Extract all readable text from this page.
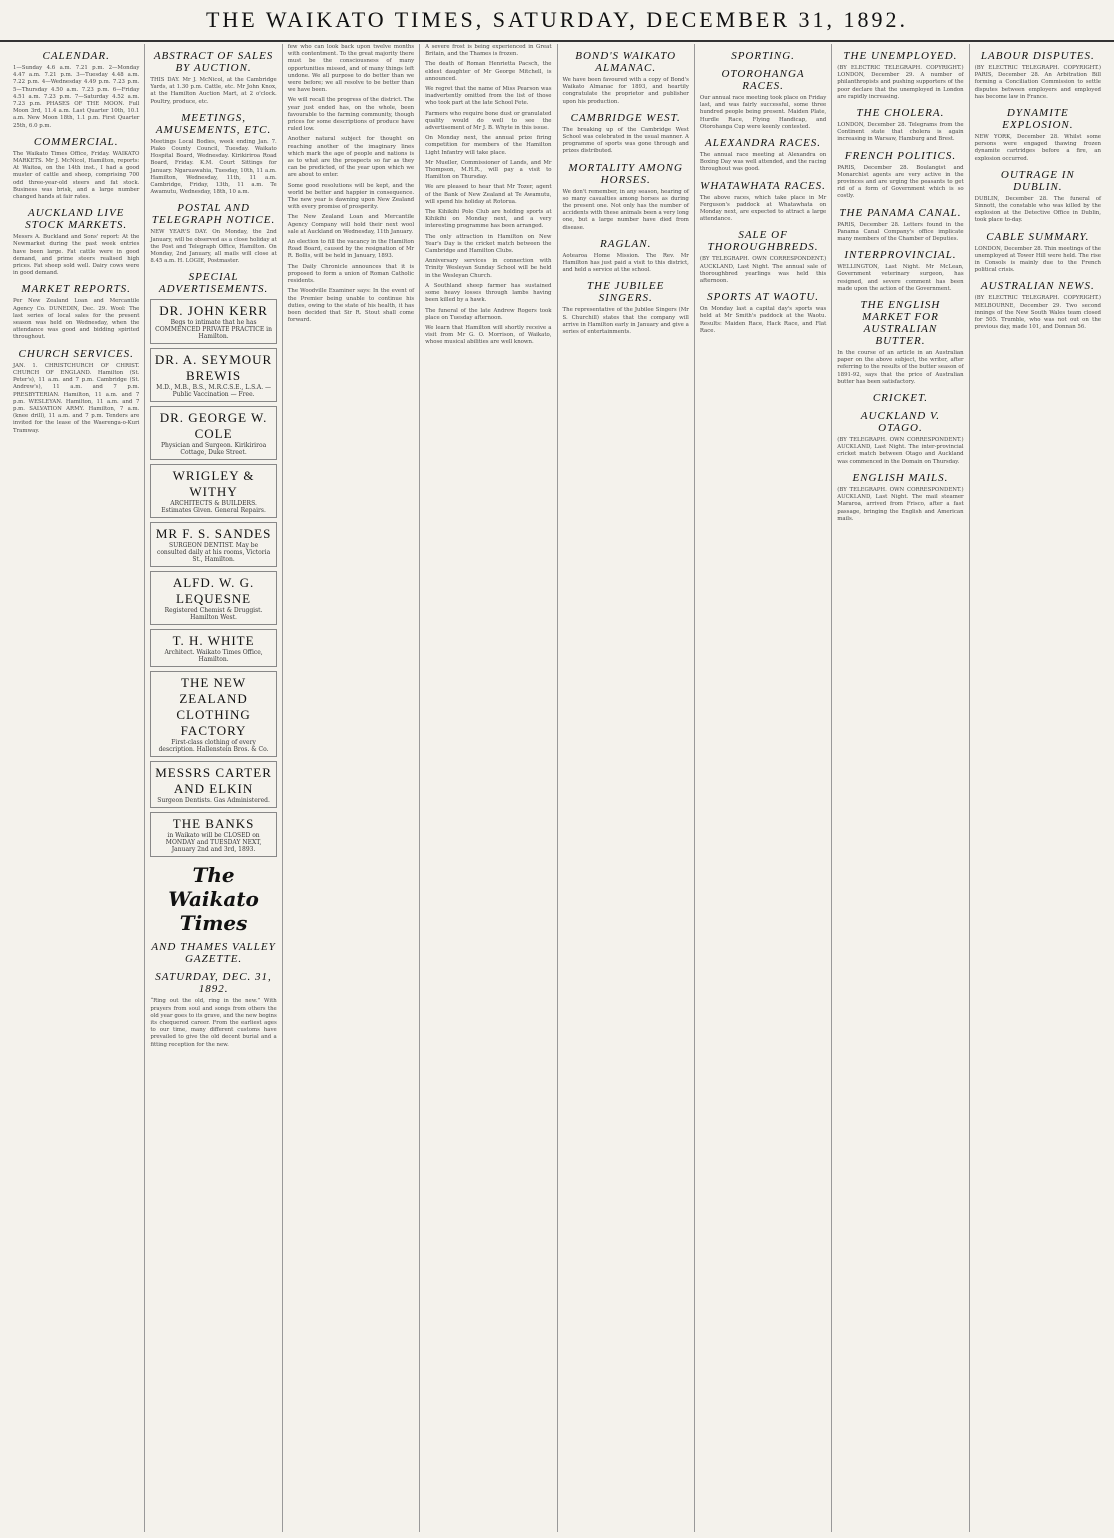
THE WAIKATO TIMES, SATURDAY, DECEMBER 31, 1892.
CALENDAR.
1—Sunday 4.6 a.m. 7.21 p.m. 2—Monday 4.47 a.m. 7.21 p.m. 3—Tuesday 4.48 a.m. 7.22 p.m. 4—Wednesday 4.49 p.m. 7.23 p.m. 5—Thursday 4.50 a.m. 7.23 p.m. 6—Friday 4.51 a.m. 7.23 p.m. 7—Saturday 4.52 a.m. 7.23 p.m. PHASES OF THE MOON. Full Moon 3rd, 11.4 a.m. Last Quarter 10th, 10.1 a.m. New Moon 18th, 1.1 p.m. First Quarter 25th, 6.0 p.m.
COMMERCIAL.
The Waikato Times Office, Friday. WAIKATO MARKETS. Mr J. McNicol, Hamilton, reports: At Waitoa, on the 14th inst., I had a good muster of cattle and sheep, comprising 700 odd three-year-old steers and fat stock. Business was brisk, and a large number changed hands at fair rates.
AUCKLAND LIVE STOCK MARKETS.
Messrs A. Buckland and Sons' report: At the Newmarket during the past week entries have been large. Fat cattle were in good demand, and prime steers realised high prices. Fat sheep sold well. Dairy cows were in good demand.
MARKET REPORTS.
Per New Zealand Loan and Mercantile Agency Co. DUNEDIN, Dec. 29. Wool: The last series of local sales for the present season was held on Wednesday, when the attendance was good and bidding spirited throughout.
CHURCH SERVICES.
JAN. 1. CHRISTCHURCH OF CHRIST. CHURCH OF ENGLAND. Hamilton (St. Peter's), 11 a.m. and 7 p.m. Cambridge (St. Andrew's), 11 a.m. and 7 p.m. PRESBYTERIAN. Hamilton, 11 a.m. and 7 p.m. WESLEYAN. Hamilton, 11 a.m. and 7 p.m. SALVATION ARMY. Hamilton, 7 a.m. (knee drill), 11 a.m. and 7 p.m. Tenders are invited for the lease of the Waerenga-o-Kuri Tramway.
ABSTRACT OF SALES BY AUCTION.
THIS DAY. Mr J. McNicol, at the Cambridge Yards, at 1.30 p.m. Cattle, etc. Mr John Knox, at the Hamilton Auction Mart, at 2 o'clock. Poultry, produce, etc.
MEETINGS, AMUSEMENTS, ETC.
Meetings Local Bodies, week ending Jan. 7. Piako County Council, Tuesday. Waikato Hospital Board, Wednesday. Kirikiriroa Road Board, Friday. K.M. Court Sittings for January. Ngaruawahia, Tuesday, 10th, 11 a.m. Hamilton, Wednesday, 11th, 11 a.m. Cambridge, Friday, 13th, 11 a.m. Te Awamutu, Wednesday, 18th, 10 a.m.
POSTAL AND TELEGRAPH NOTICE.
NEW YEAR'S DAY. On Monday, the 2nd January, will be observed as a close holiday at the Post and Telegraph Office, Hamilton. On Monday, 2nd January, all mails will close at 8.45 a.m. H. LOGIE, Postmaster.
SPECIAL ADVERTISEMENTS.
DR. JOHN KERR
Begs to intimate that he has COMMENCED PRIVATE PRACTICE in Hamilton.
DR. A. SEYMOUR BREWIS
M.D., M.B., B.S., M.R.C.S.E., L.S.A. — Public Vaccination — Free.
DR. GEORGE W. COLE
Physician and Surgeon. Kirikiriroa Cottage, Duke Street.
WRIGLEY & WITHY
ARCHITECTS & BUILDERS. Estimates Given. General Repairs.
MR F. S. SANDES
SURGEON DENTIST. May be consulted daily at his rooms, Victoria St., Hamilton.
ALFD. W. G. LEQUESNE
Registered Chemist & Druggist. Hamilton West.
T. H. WHITE
Architect. Waikato Times Office, Hamilton.
THE NEW ZEALAND CLOTHING FACTORY
First-class clothing of every description. Hallenstein Bros. & Co.
MESSRS CARTER AND ELKIN
Surgeon Dentists. Gas Administered.
THE BANKS
in Waikato will be CLOSED on MONDAY and TUESDAY NEXT, January 2nd and 3rd, 1893.
The Waikato Times
AND THAMES VALLEY GAZETTE.
SATURDAY, DEC. 31, 1892.
“Ring out the old, ring in the new.” With prayers from soul and songs from others the old year goes to its grave, and the new begins its chequered career. From the earliest ages to our time, many different customs have prevailed to give the old decent burial and a fitting reception for the new.
few who can look back upon twelve months with contentment. To the great majority there must be the consciousness of many opportunities missed, and of many things left undone. We all purpose to do better than we were before; we all resolve to be better than we have been.
We will recall the progress of the district. The year just ended has, on the whole, been favourable to the farming community, though prices for some descriptions of produce have ruled low.
Another natural subject for thought on reaching another of the imaginary lines which mark the age of people and nations is as to what are the prospects so far as they can be predicted, of the year upon which we are about to enter.
Some good resolutions will be kept, and the world be better and happier in consequence. The new year is dawning upon New Zealand with every promise of prosperity.
The New Zealand Loan and Mercantile Agency Company will hold their next wool sale at Auckland on Wednesday, 11th January.
An election to fill the vacancy in the Hamilton Road Board, caused by the resignation of Mr R. Bollis, will be held in January, 1893.
The Daily Chronicle announces that it is proposed to form a union of Roman Catholic residents.
The Woodville Examiner says: In the event of the Premier being unable to continue his duties, owing to the state of his health, it has been decided that Sir R. Stout shall come forward.
A severe frost is being experienced in Great Britain, and the Thames is frozen.
The death of Roman Henrietta Pacsch, the eldest daughter of Mr George Mitchell, is announced.
We regret that the name of Miss Pearson was inadvertently omitted from the list of those who took part at the late School Fete.
Farmers who require bone dust or granulated quality would do well to see the advertisement of Mr J. B. Whyte in this issue.
On Monday next, the annual prize firing competition for members of the Hamilton Light Infantry will take place.
Mr Mueller, Commissioner of Lands, and Mr Thompson, M.H.R., will pay a visit to Hamilton on Thursday.
We are pleased to hear that Mr Tozer, agent of the Bank of New Zealand at Te Awamutu, will spend his holiday at Rotorua.
The Kihikihi Polo Club are holding sports at Kihikihi on Monday next, and a very interesting programme has been arranged.
The only attraction in Hamilton on New Year's Day is the cricket match between the Cambridge and Hamilton Clubs.
Anniversary services in connection with Trinity Wesleyan Sunday School will be held in the Wesleyan Church.
A Southland sheep farmer has sustained some heavy losses through lambs having been killed by a hawk.
The funeral of the late Andrew Rogers took place on Tuesday afternoon.
We learn that Hamilton will shortly receive a visit from Mr G. O. Morrison, of Waikato, whose musical abilities are well known.
BOND'S WAIKATO ALMANAC.
We have been favoured with a copy of Bond's Waikato Almanac for 1893, and heartily congratulate the proprietor and publisher upon his production.
CAMBRIDGE WEST.
The breaking up of the Cambridge West School was celebrated in the usual manner. A programme of sports was gone through and prizes distributed.
MORTALITY AMONG HORSES.
We don't remember, in any season, hearing of so many casualties among horses as during the present one. Not only has the number of accidents with these animals been a very long one, but a large number have died from disease.
RAGLAN.
Aotearoa Home Mission. The Rev. Mr Hamilton has just paid a visit to this district, and held a service at the school.
THE JUBILEE SINGERS.
The representative of the Jubilee Singers (Mr S. Churchill) states that the company will arrive in Hamilton early in January and give a series of entertainments.
SPORTING.
OTOROHANGA RACES.
Our annual race meeting took place on Friday last, and was fairly successful, some three hundred people being present. Maiden Plate, Hurdle Race, Flying Handicap, and Otorohanga Cup were keenly contested.
ALEXANDRA RACES.
The annual race meeting at Alexandra on Boxing Day was well attended, and the racing throughout was good.
WHATAWHATA RACES.
The above races, which take place in Mr Ferguson's paddock at Whatawhata on Monday next, are expected to attract a large attendance.
SALE OF THOROUGHBREDS.
(BY TELEGRAPH. OWN CORRESPONDENT.) AUCKLAND, Last Night. The annual sale of thoroughbred yearlings was held this afternoon.
SPORTS AT WAOTU.
On Monday last a capital day's sports was held at Mr Smith's paddock at the Waotu. Results: Maiden Race, Hack Race, and Flat Race.
THE UNEMPLOYED.
(BY ELECTRIC TELEGRAPH. COPYRIGHT.) LONDON, December 29. A number of philanthropists and pushing supporters of the poor declare that the unemployed in London are rapidly increasing.
THE CHOLERA.
LONDON, December 28. Telegrams from the Continent state that cholera is again increasing in Warsaw, Hamburg and Brest.
FRENCH POLITICS.
PARIS, December 28. Boulangist and Monarchist agents are very active in the provinces and are urging the peasants to get rid of a form of Government which is so costly.
THE PANAMA CANAL.
PARIS, December 28. Letters found in the Panama Canal Company's office implicate many members of the Chamber of Deputies.
INTERPROVINCIAL.
WELLINGTON, Last Night. Mr McLean, Government veterinary surgeon, has resigned, and severe comment has been made upon the action of the Government.
THE ENGLISH MARKET FOR AUSTRALIAN BUTTER.
In the course of an article in an Australian paper on the above subject, the writer, after referring to the results of the butter season of 1891-92, says that the price of Australian butter has been satisfactory.
CRICKET.
AUCKLAND V. OTAGO.
(BY TELEGRAPH. OWN CORRESPONDENT.) AUCKLAND, Last Night. The inter-provincial cricket match between Otago and Auckland was commenced in the Domain on Thursday.
ENGLISH MAILS.
(BY TELEGRAPH. OWN CORRESPONDENT.) AUCKLAND, Last Night. The mail steamer Mararoa, arrived from Frisco, after a fast passage, bringing the English and American mails.
LABOUR DISPUTES.
(BY ELECTRIC TELEGRAPH. COPYRIGHT.) PARIS, December 28. An Arbitration Bill forming a Conciliation Commission to settle disputes between employers and employed has become law in France.
DYNAMITE EXPLOSION.
NEW YORK, December 28. Whilst some persons were engaged thawing frozen dynamite cartridges before a fire, an explosion occurred.
OUTRAGE IN DUBLIN.
DUBLIN, December 28. The funeral of Sinnott, the constable who was killed by the explosion at the Detective Office in Dublin, took place to-day.
CABLE SUMMARY.
LONDON, December 28. Thin meetings of the unemployed at Tower Hill were held. The rise in Consols is mainly due to the French political crisis.
AUSTRALIAN NEWS.
(BY ELECTRIC TELEGRAPH. COPYRIGHT.) MELBOURNE, December 29. Two second innings of the New South Wales team closed for 505. Trumble, who was not out on the previous day, made 101, and Donnan 56.
